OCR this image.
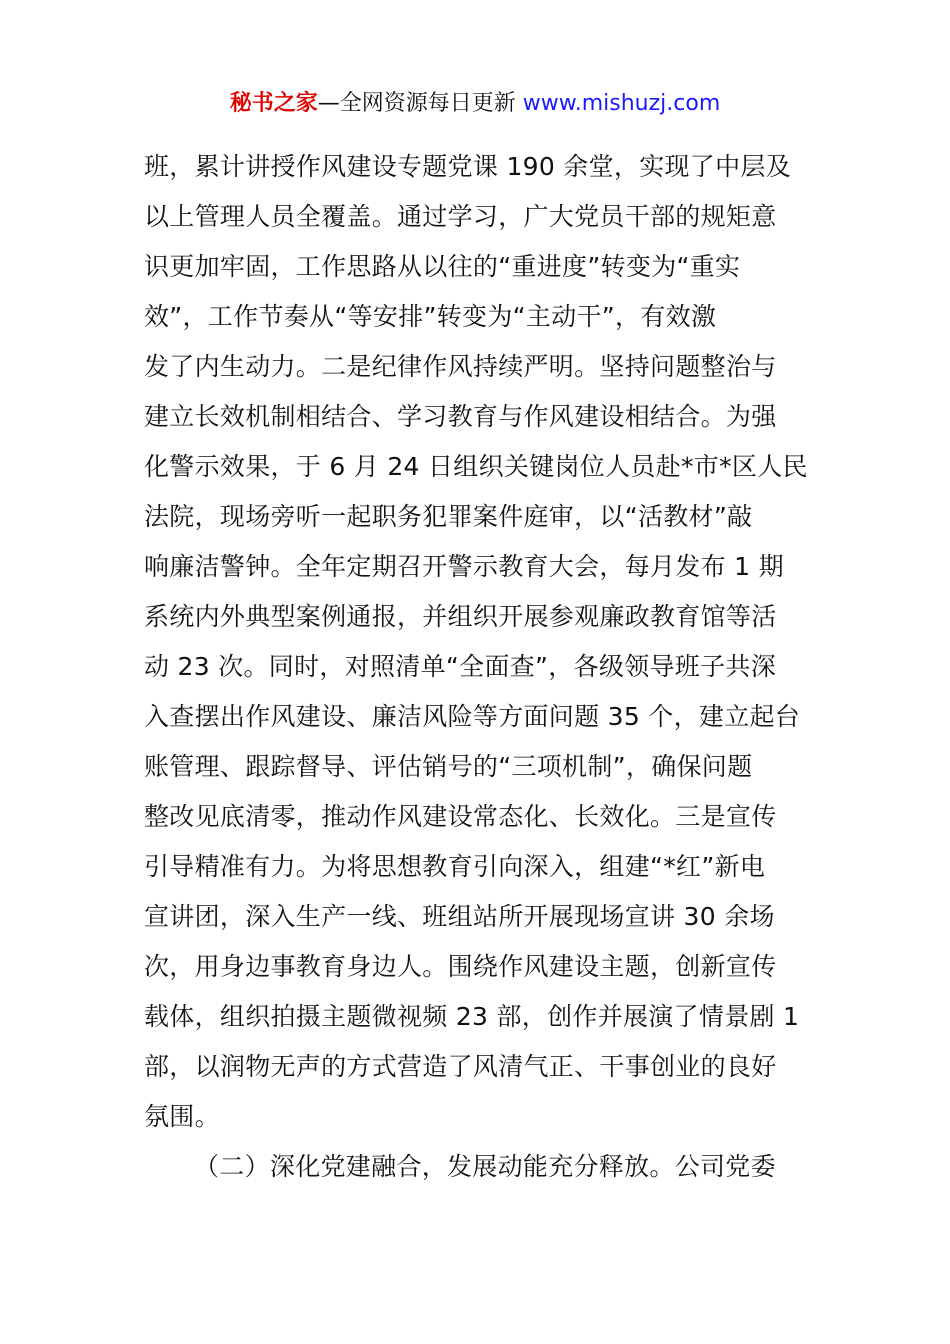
秘书之家—全网资源每日更新 www.mishuzj.com
班，累计讲授作风建设专题党课 190 余堂，实现了中层及
以上管理人员全覆盖。通过学习，广大党员干部的规矩意
识更加牢固，工作思路从以往的“重进度”转变为“重实
效”，工作节奏从“等安排”转变为“主动干”，有效激
发了内生动力。二是纪律作风持续严明。坚持问题整治与
建立长效机制相结合、学习教育与作风建设相结合。为强
化警示效果，于 6 月 24 日组织关键岗位人员赴*市*区人民
法院，现场旁听一起职务犯罪案件庭审，以“活教材”敲
响廉洁警钟。全年定期召开警示教育大会，每月发布 1 期
系统内外典型案例通报，并组织开展参观廉政教育馆等活
动 23 次。同时，对照清单“全面查”，各级领导班子共深
入查摆出作风建设、廉洁风险等方面问题 35 个，建立起台
账管理、跟踪督导、评估销号的“三项机制”，确保问题
整改见底清零，推动作风建设常态化、长效化。三是宣传
引导精准有力。为将思想教育引向深入，组建“*红”新电
宣讲团，深入生产一线、班组站所开展现场宣讲 30 余场
次，用身边事教育身边人。围绕作风建设主题，创新宣传
载体，组织拍摄主题微视频 23 部，创作并展演了情景剧 1
部，以润物无声的方式营造了风清气正、干事创业的良好
氛围。
（二）深化党建融合，发展动能充分释放。公司党委
